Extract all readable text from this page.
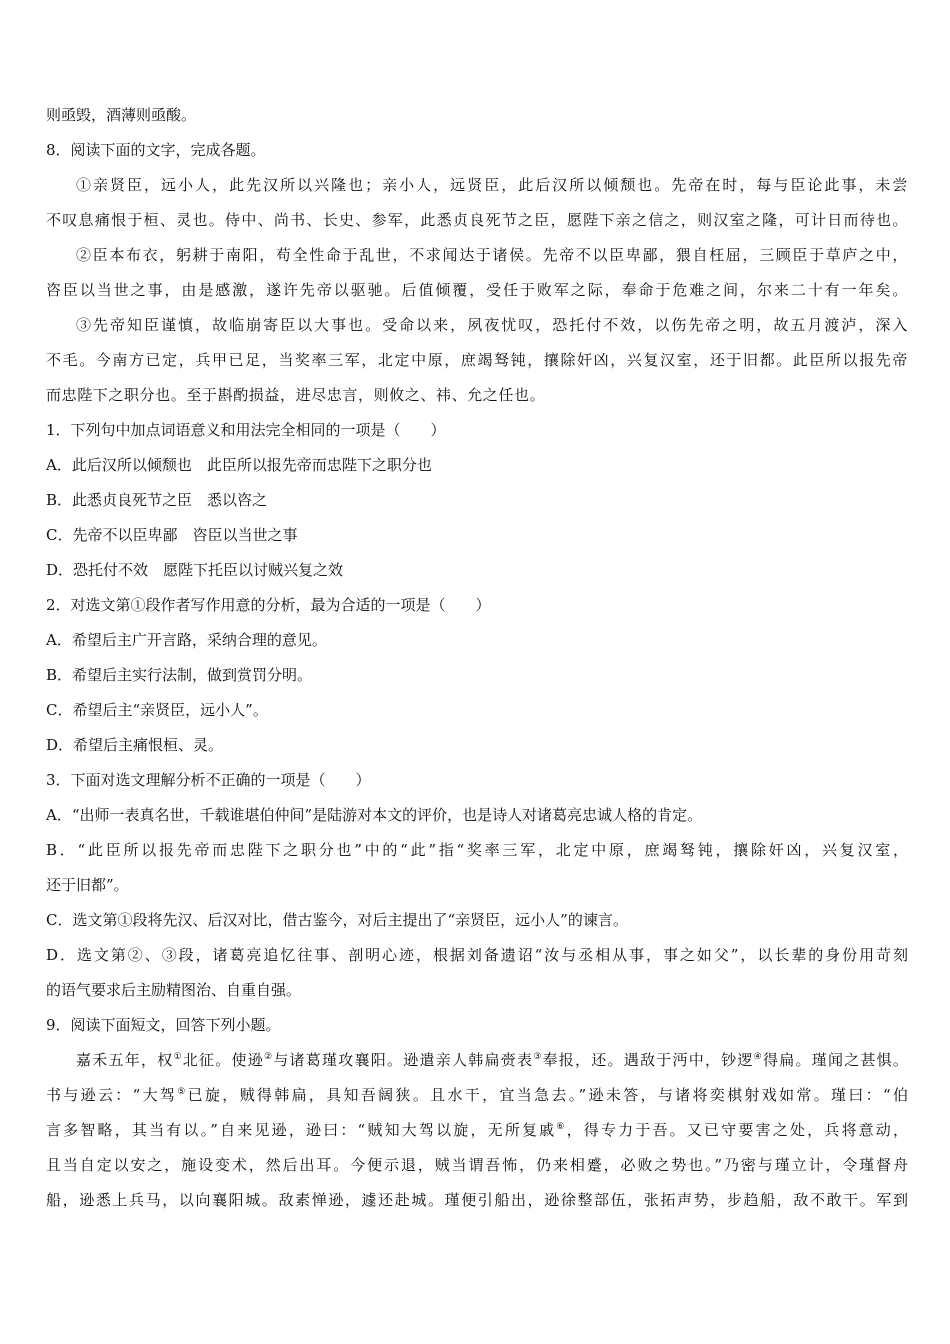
则亟毁，酒薄则亟酸。
8．阅读下面的文字，完成各题。
①亲贤臣，远小人，此先汉所以兴隆也；亲小人，远贤臣，此后汉所以倾颓也。先帝在时，每与臣论此事，未尝
不叹息痛恨于桓、灵也。侍中、尚书、长史、参军，此悉贞良死节之臣，愿陛下亲之信之，则汉室之隆，可计日而待也。
②臣本布衣，躬耕于南阳，苟全性命于乱世，不求闻达于诸侯。先帝不以臣卑鄙，猥自枉屈，三顾臣于草庐之中，
咨臣以当世之事，由是感激，遂许先帝以驱驰。后值倾覆，受任于败军之际，奉命于危难之间，尔来二十有一年矣。
③先帝知臣谨慎，故临崩寄臣以大事也。受命以来，夙夜忧叹，恐托付不效，以伤先帝之明，故五月渡泸，深入
不毛。今南方已定，兵甲已足，当奖率三军，北定中原，庶竭驽钝，攘除奸凶，兴复汉室，还于旧都。此臣所以报先帝
而忠陛下之职分也。至于斟酌损益，进尽忠言，则攸之、祎、允之任也。
1．下列句中加点词语意义和用法完全相同的一项是（　　）
A．此后汉所以倾颓也　此臣所以报先帝而忠陛下之职分也
B．此悉贞良死节之臣　悉以咨之
C．先帝不以臣卑鄙　咨臣以当世之事
D．恐托付不效　愿陛下托臣以讨贼兴复之效
2．对选文第①段作者写作用意的分析，最为合适的一项是（　　）
A．希望后主广开言路，采纳合理的意见。
B．希望后主实行法制，做到赏罚分明。
C．希望后主“亲贤臣，远小人”。
D．希望后主痛恨桓、灵。
3．下面对选文理解分析不正确的一项是（　　）
A．“出师一表真名世，千载谁堪伯仲间”是陆游对本文的评价，也是诗人对诸葛亮忠诚人格的肯定。
B．“此臣所以报先帝而忠陛下之职分也”中的“此”指“奖率三军，北定中原，庶竭驽钝，攘除奸凶，兴复汉室，
还于旧都”。
C．选文第①段将先汉、后汉对比，借古鉴今，对后主提出了“亲贤臣，远小人”的谏言。
D．选文第②、③段，诸葛亮追忆往事、剖明心迹，根据刘备遗诏“汝与丞相从事，事之如父”，以长辈的身份用苛刻
的语气要求后主励精图治、自重自强。
9．阅读下面短文，回答下列小题。
嘉禾五年，权①北征。使逊②与诸葛瑾攻襄阳。逊遣亲人韩扁赍表③奉报，还。遇敌于沔中，钞逻④得扁。瑾闻之甚惧。
书与逊云：“大驾⑤已旋，贼得韩扁，具知吾阔狭。且水干，宜当急去。”逊未答，与诸将奕棋射戏如常。瑾曰：“伯
言多智略，其当有以。”自来见逊，逊曰：“贼知大驾以旋，无所复戚⑥，得专力于吾。又已守要害之处，兵将意动，
且当自定以安之，施设变术，然后出耳。今便示退，贼当谓吾怖，仍来相蹙，必败之势也。”乃密与瑾立计，令瑾督舟
船，逊悉上兵马，以向襄阳城。敌素惮逊，遽还赴城。瑾便引船出，逊徐整部伍，张拓声势，步趋船，敌不敢干。军到
